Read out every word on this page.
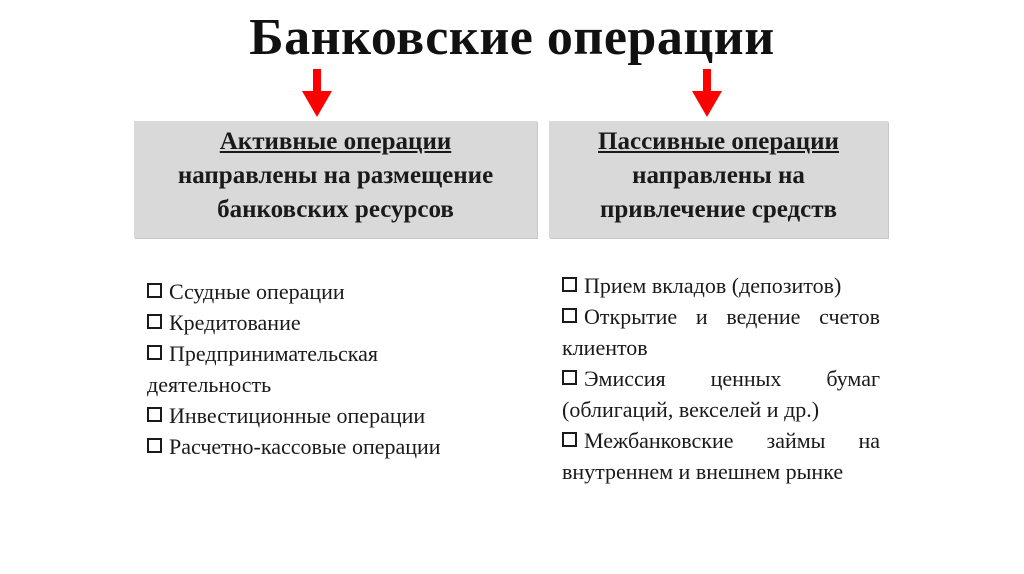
Банковские операции
Активные операции
направлены на размещение
банковских ресурсов
Пассивные операции
направлены на
привлечение средств
Ссудные операции
Кредитование
Предпринимательская деятельность
Инвестиционные операции
Расчетно-кассовые операции
Прием вкладов (депозитов)
Открытие и ведение счетов клиентов
Эмиссия ценных бумаг (облигаций, векселей и др.)
Межбанковские займы на внутреннем и внешнем рынке
